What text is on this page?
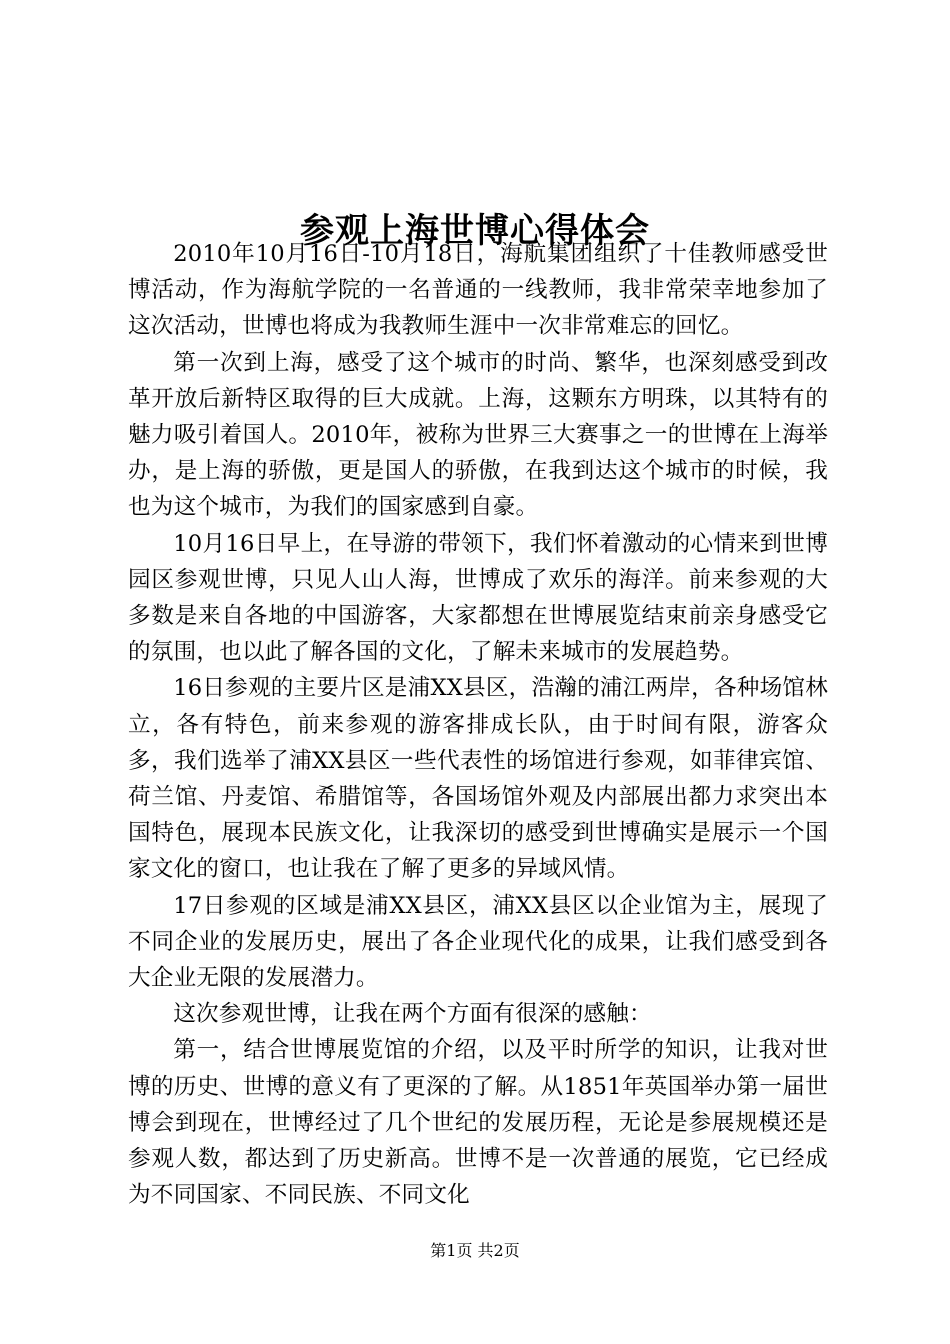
参观上海世博心得体会

2010年10月16日-10月18日，海航集团组织了十佳教师感受世博活动，作为海航学院的一名普通的一线教师，我非常荣幸地参加了这次活动，世博也将成为我教师生涯中一次非常难忘的回忆。

第一次到上海，感受了这个城市的时尚、繁华，也深刻感受到改革开放后新特区取得的巨大成就。上海，这颗东方明珠，以其特有的魅力吸引着国人。2010年，被称为世界三大赛事之一的世博在上海举办，是上海的骄傲，更是国人的骄傲，在我到达这个城市的时候，我也为这个城市，为我们的国家感到自豪。

10月16日早上，在导游的带领下，我们怀着激动的心情来到世博园区参观世博，只见人山人海，世博成了欢乐的海洋。前来参观的大多数是来自各地的中国游客，大家都想在世博展览结束前亲身感受它的氛围，也以此了解各国的文化，了解未来城市的发展趋势。

16日参观的主要片区是浦XX县区，浩瀚的浦江两岸，各种场馆林立，各有特色，前来参观的游客排成长队，由于时间有限，游客众多，我们选举了浦XX县区一些代表性的场馆进行参观，如菲律宾馆、荷兰馆、丹麦馆、希腊馆等，各国场馆外观及内部展出都力求突出本国特色，展现本民族文化，让我深切的感受到世博确实是展示一个国家文化的窗口，也让我在了解了更多的异域风情。

17日参观的区域是浦XX县区，浦XX县区以企业馆为主，展现了不同企业的发展历史，展出了各企业现代化的成果，让我们感受到各大企业无限的发展潜力。

这次参观世博，让我在两个方面有很深的感触：

第一，结合世博展览馆的介绍，以及平时所学的知识，让我对世博的历史、世博的意义有了更深的了解。从1851年英国举办第一届世博会到现在，世博经过了几个世纪的发展历程，无论是参展规模还是参观人数，都达到了历史新高。世博不是一次普通的展览，它已经成为不同国家、不同民族、不同文化

第1页 共2页
